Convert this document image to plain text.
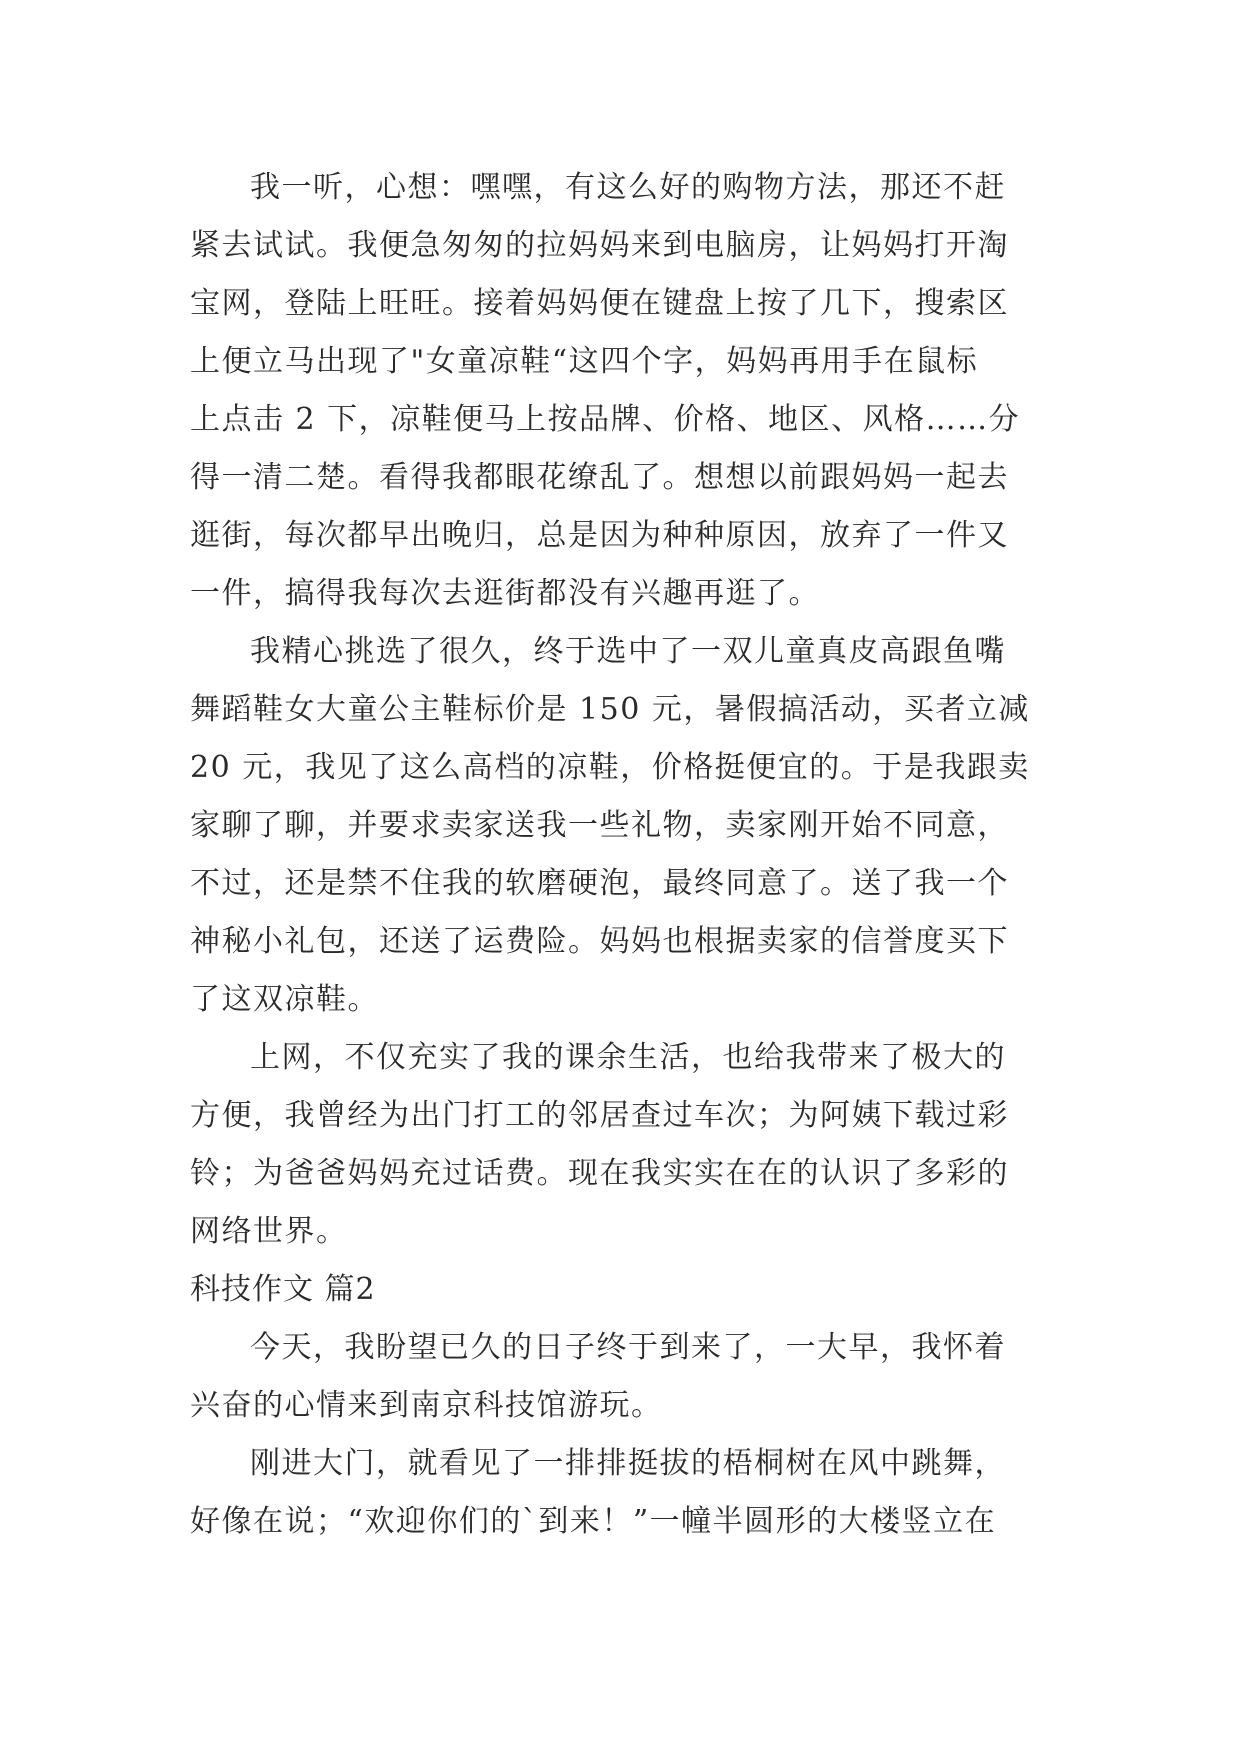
我一听，心想：嘿嘿，有这么好的购物方法，那还不赶
紧去试试。我便急匆匆的拉妈妈来到电脑房，让妈妈打开淘
宝网，登陆上旺旺。接着妈妈便在键盘上按了几下，搜索区
上便立马出现了"女童凉鞋“这四个字，妈妈再用手在鼠标
上点击 2 下，凉鞋便马上按品牌、价格、地区、风格……分
得一清二楚。看得我都眼花缭乱了。想想以前跟妈妈一起去
逛街，每次都早出晚归，总是因为种种原因，放弃了一件又
一件，搞得我每次去逛街都没有兴趣再逛了。
我精心挑选了很久，终于选中了一双儿童真皮高跟鱼嘴
舞蹈鞋女大童公主鞋标价是 150 元，暑假搞活动，买者立减
20 元，我见了这么高档的凉鞋，价格挺便宜的。于是我跟卖
家聊了聊，并要求卖家送我一些礼物，卖家刚开始不同意，
不过，还是禁不住我的软磨硬泡，最终同意了。送了我一个
神秘小礼包，还送了运费险。妈妈也根据卖家的信誉度买下
了这双凉鞋。
上网，不仅充实了我的课余生活，也给我带来了极大的
方便，我曾经为出门打工的邻居查过车次；为阿姨下载过彩
铃；为爸爸妈妈充过话费。现在我实实在在的认识了多彩的
网络世界。
科技作文 篇2
今天，我盼望已久的日子终于到来了，一大早，我怀着
兴奋的心情来到南京科技馆游玩。
刚进大门，就看见了一排排挺拔的梧桐树在风中跳舞，
好像在说；“欢迎你们的`到来！”一幢半圆形的大楼竖立在
